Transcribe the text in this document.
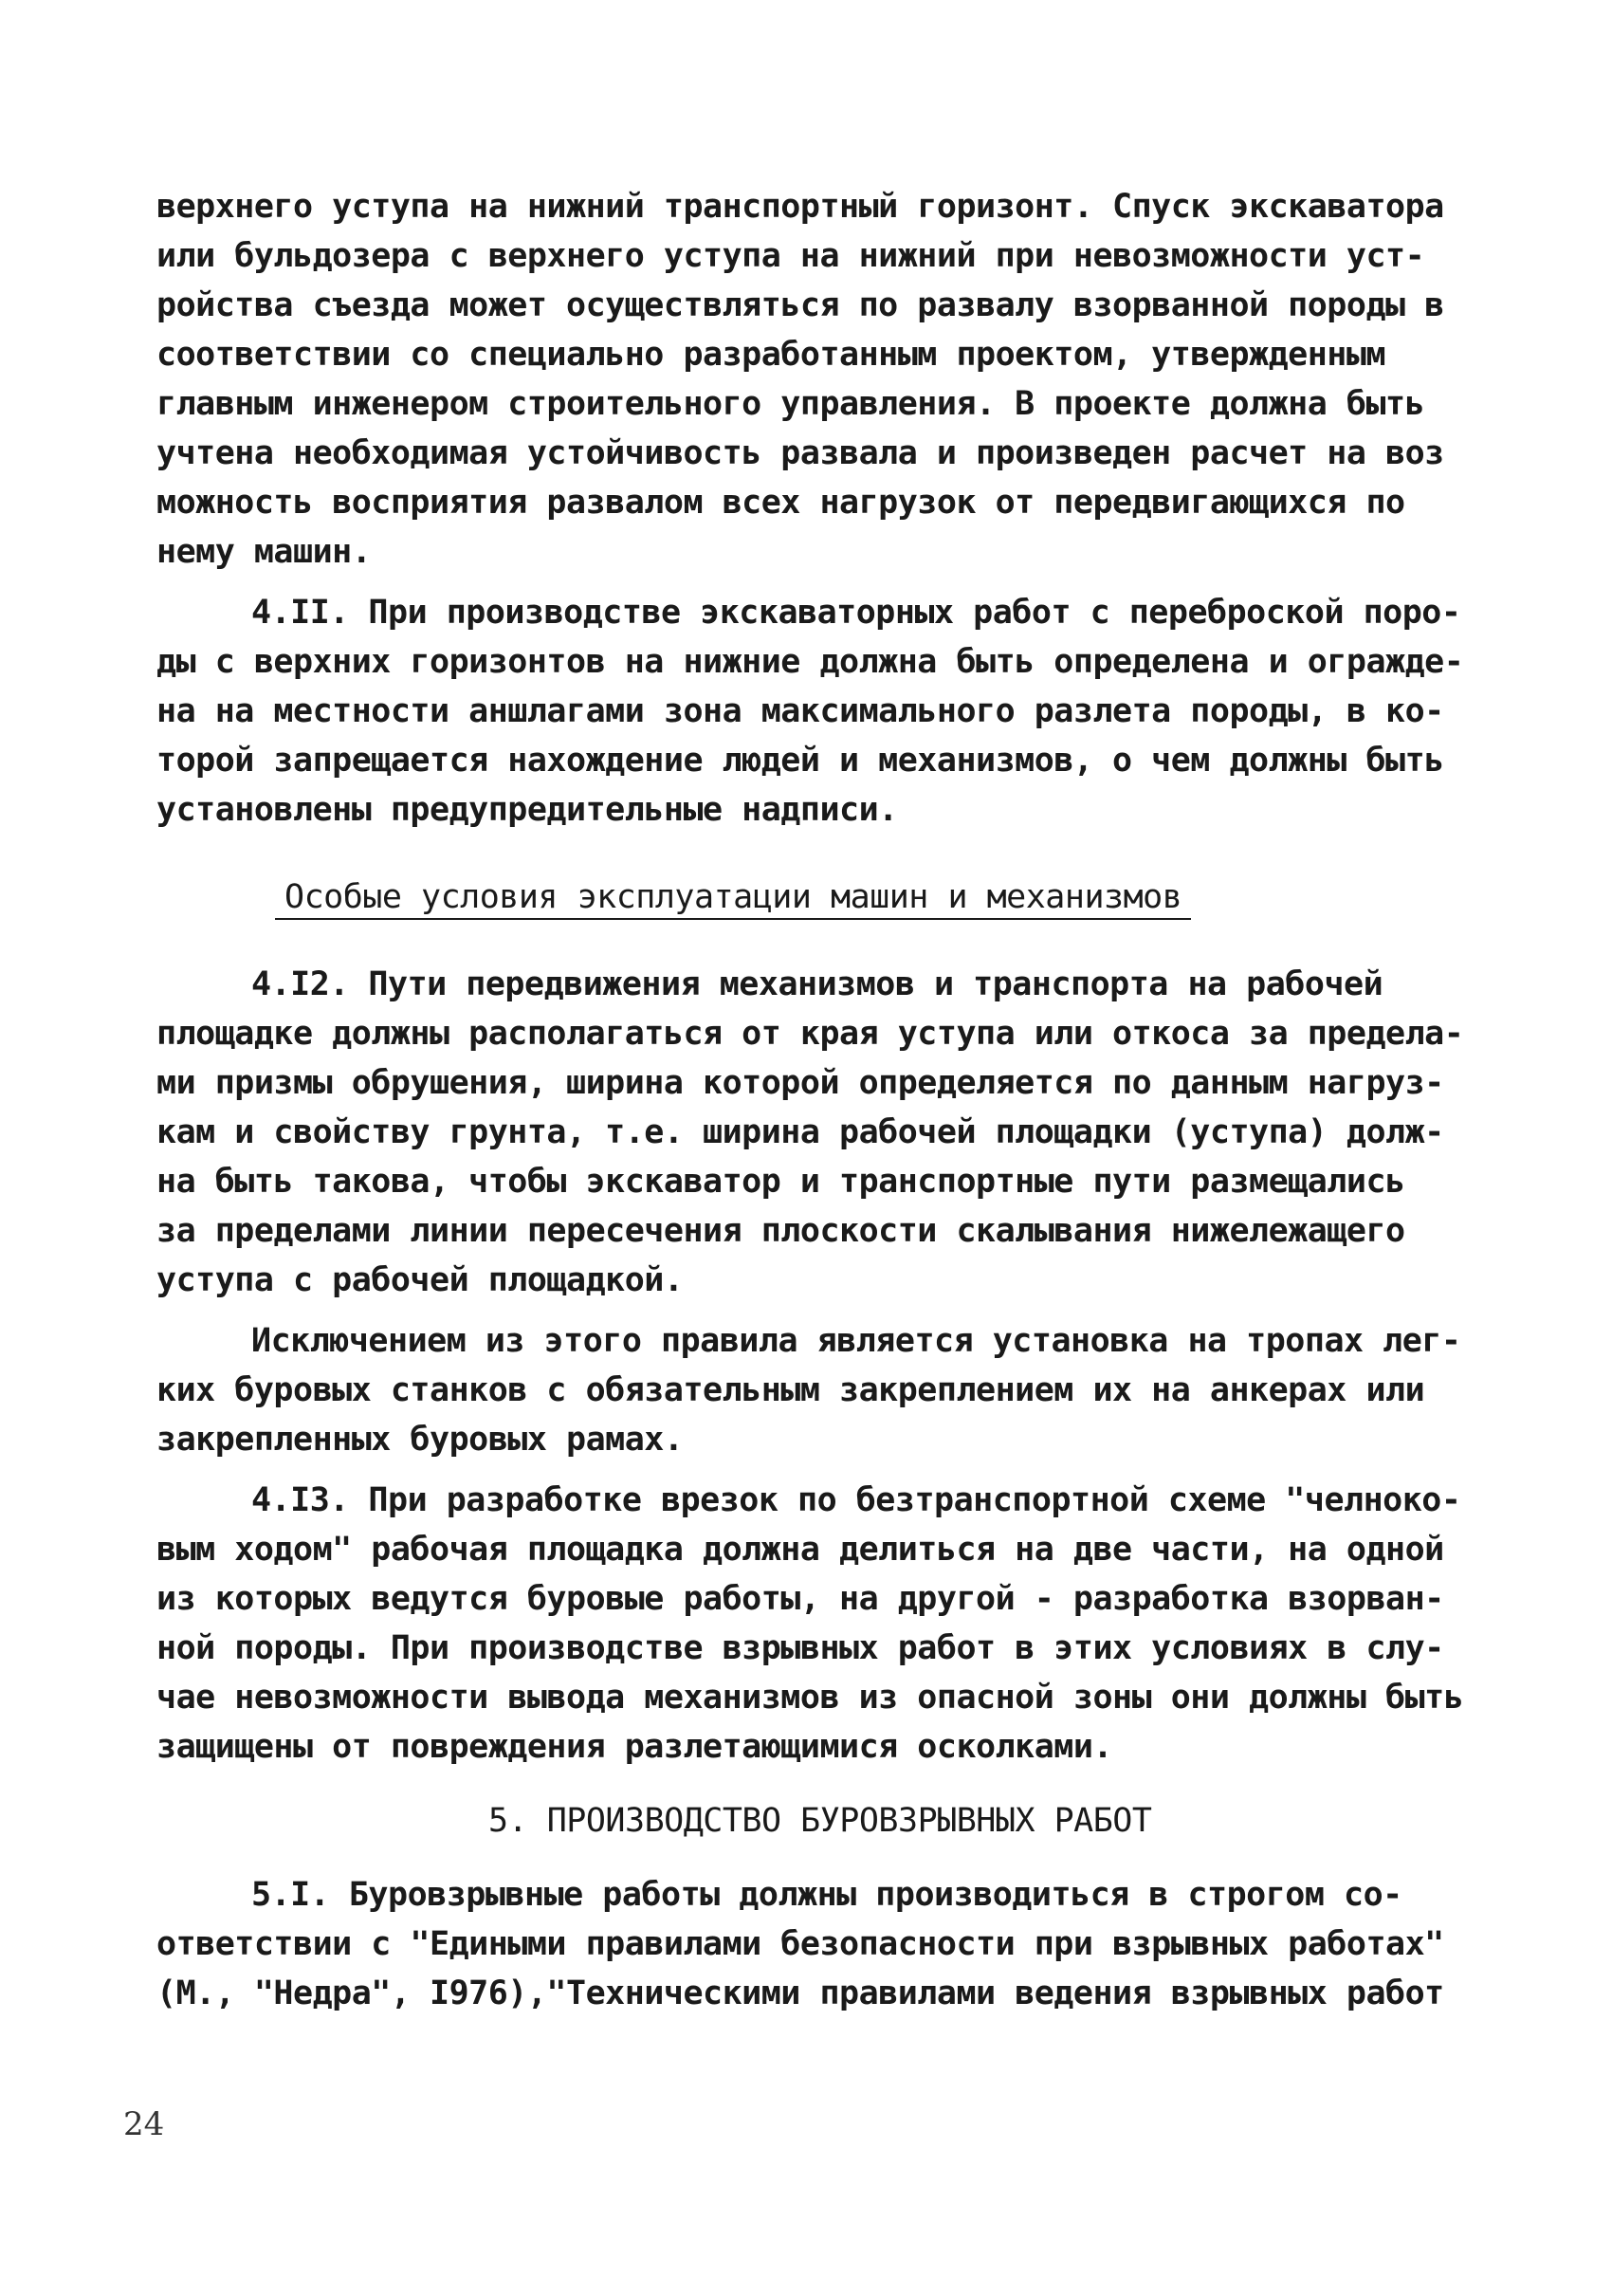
верхнего уступа на нижний транспортный горизонт. Спуск экскаватора
или бульдозера с верхнего уступа на нижний при невозможности уст-
ройства съезда может осуществляться по развалу взорванной породы в
соответствии со специально разработанным проектом, утвержденным
главным инженером строительного управления. В проекте должна быть
учтена необходимая устойчивость развала и произведен расчет на воз
можность восприятия развалом всех нагрузок от передвигающихся по
нему машин.
4.II. При производстве экскаваторных работ с переброской поро-
ды с верхних горизонтов на нижние должна быть определена и огражде-
на на местности аншлагами зона максимального разлета породы, в ко-
торой запрещается нахождение людей и механизмов, о чем должны быть
установлены предупредительные надписи.
Особые условия эксплуатации машин и механизмов
4.I2. Пути передвижения механизмов и транспорта на рабочей
площадке должны располагаться от края уступа или откоса за предела-
ми призмы обрушения, ширина которой определяется по данным нагруз-
кам и свойству грунта, т.е. ширина рабочей площадки (уступа) долж-
на быть такова, чтобы экскаватор и транспортные пути размещались
за пределами линии пересечения плоскости скалывания нижележащего
уступа с рабочей площадкой.
Исключением из этого правила является установка на тропах лег-
ких буровых станков с обязательным закреплением их на анкерах или
закрепленных буровых рамах.
4.I3. При разработке врезок по безтранспортной схеме "челноко-
вым ходом" рабочая площадка должна делиться на две части, на одной
из которых ведутся буровые работы, на другой - разработка взорван-
ной породы. При производстве взрывных работ в этих условиях в слу-
чае невозможности вывода механизмов из опасной зоны они должны быть
защищены от повреждения разлетающимися осколками.
5. ПРОИЗВОДСТВО БУРОВЗРЫВНЫХ РАБОТ
5.I. Буровзрывные работы должны производиться в строгом со-
ответствии с "Едиными правилами безопасности при взрывных работах"
(М., "Недра", I976),"Техническими правилами ведения взрывных работ
24
